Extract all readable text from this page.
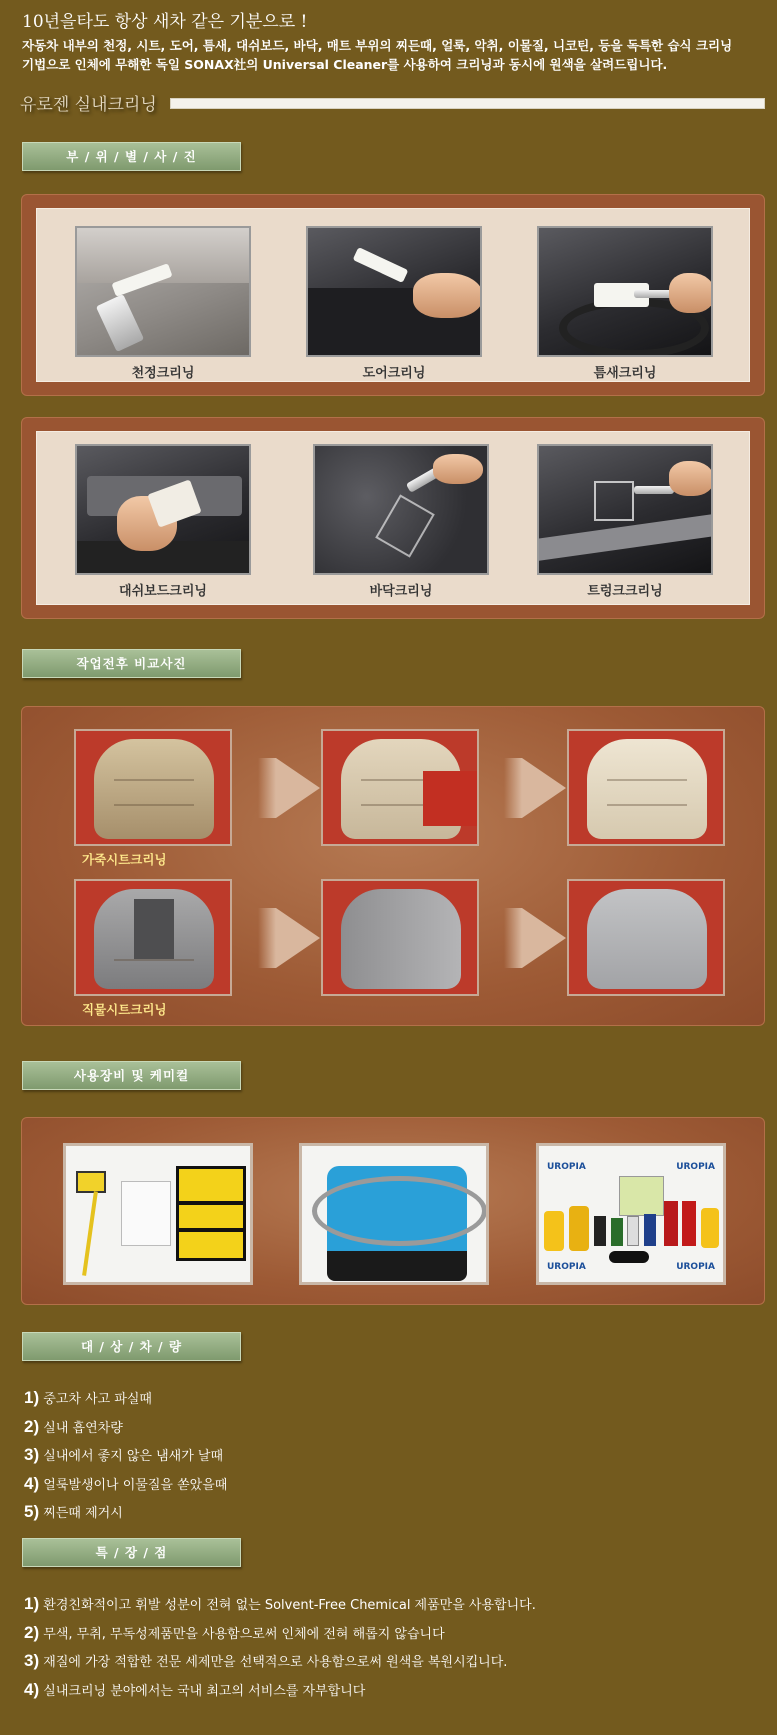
10년을타도 항상 새차 같은 기분으로 !
자동차 내부의 천정, 시트, 도어, 틈새, 대쉬보드, 바닥, 매트 부위의 찌든때, 얼룩, 악취, 이물질, 니코틴, 등을 독특한 습식 크리닝
기법으로 인체에 무해한 독일 SONAX社의 Universal Cleaner를 사용하여 크리닝과 동시에 원색을 살려드립니다.
유로젠 실내크리닝
부 / 위 / 별 / 사 / 진
천정크리닝	도어크리닝	틈새크리닝
대쉬보드크리닝	바닥크리닝	트렁크크리닝
작업전후 비교사진
가죽시트크리닝
직물시트크리닝
사용장비 및 케미컬
UROPIA	UROPIA
UROPIA	UROPIA
대 / 상 / 차 / 량
1) 중고차 사고 파실때
2) 실내 흡연차량
3) 실내에서 좋지 않은 냄새가 날때
4) 얼룩발생이나 이물질을 쏟았을때
5) 찌든때 제거시
특 / 장 / 점
1) 환경친화적이고 휘발 성분이 전혀 없는 Solvent-Free Chemical 제품만을 사용합니다.
2) 무색, 무취, 무독성제품만을 사용함으로써 인체에 전혀 해롭지 않습니다
3) 재질에 가장 적합한 전문 세제만을 선택적으로 사용함으로써 원색을 복원시킵니다.
4) 실내크리닝 분야에서는 국내 최고의 서비스를 자부합니다
